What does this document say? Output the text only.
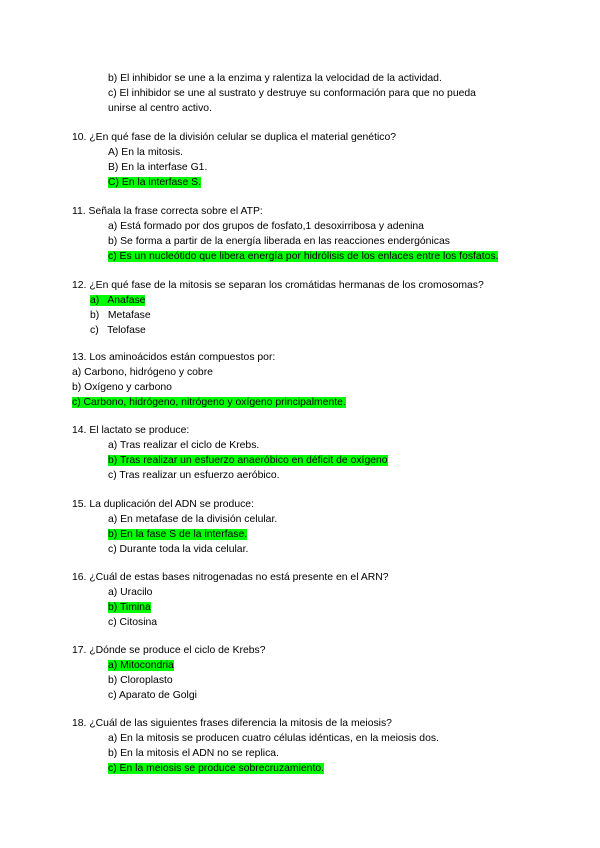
b) El inhibidor se une a la enzima y ralentiza la velocidad de la actividad.
c) El inhibidor se une al sustrato y destruye su conformación para que no pueda
unirse al centro activo.
10. ¿En qué fase de la división celular se duplica el material genético?
A) En la mitosis.
B) En la interfase G1.
C) En la interfase S.
11. Señala la frase correcta sobre el ATP:
a) Está formado por dos grupos de fosfato,1 desoxirribosa y adenina
b) Se forma a partir de la energía liberada en las reacciones endergónicas
c) Es un nucleótido que libera energía por hidrólisis de los enlaces entre los fosfatos.
12. ¿En qué fase de la mitosis se separan los cromátidas hermanas de los cromosomas?
a)   Anafase
b)   Metafase
c)   Telofase
13. Los aminoácidos están compuestos por:
a) Carbono, hidrógeno y cobre
b) Oxígeno y carbono
c) Carbono, hidrógeno, nitrógeno y oxígeno principalmente.
14. El lactato se produce:
a) Tras realizar el ciclo de Krebs.
b) Tras realizar un esfuerzo anaeróbico en déficit de oxígeno
c) Tras realizar un esfuerzo aeróbico.
15. La duplicación del ADN se produce:
a) En metafase de la división celular.
b) En la fase S de la interfase.
c) Durante toda la vida celular.
16. ¿Cuál de estas bases nitrogenadas no está presente en el ARN?
a) Uracilo
b) Timina
c) Citosina
17. ¿Dónde se produce el ciclo de Krebs?
a) Mitocondria
b) Cloroplasto
c) Aparato de Golgi
18. ¿Cuál de las siguientes frases diferencia la mitosis de la meiosis?
a) En la mitosis se producen cuatro células idénticas, en la meiosis dos.
b) En la mitosis el ADN no se replica.
c) En la meiosis se produce sobrecruzamiento.
